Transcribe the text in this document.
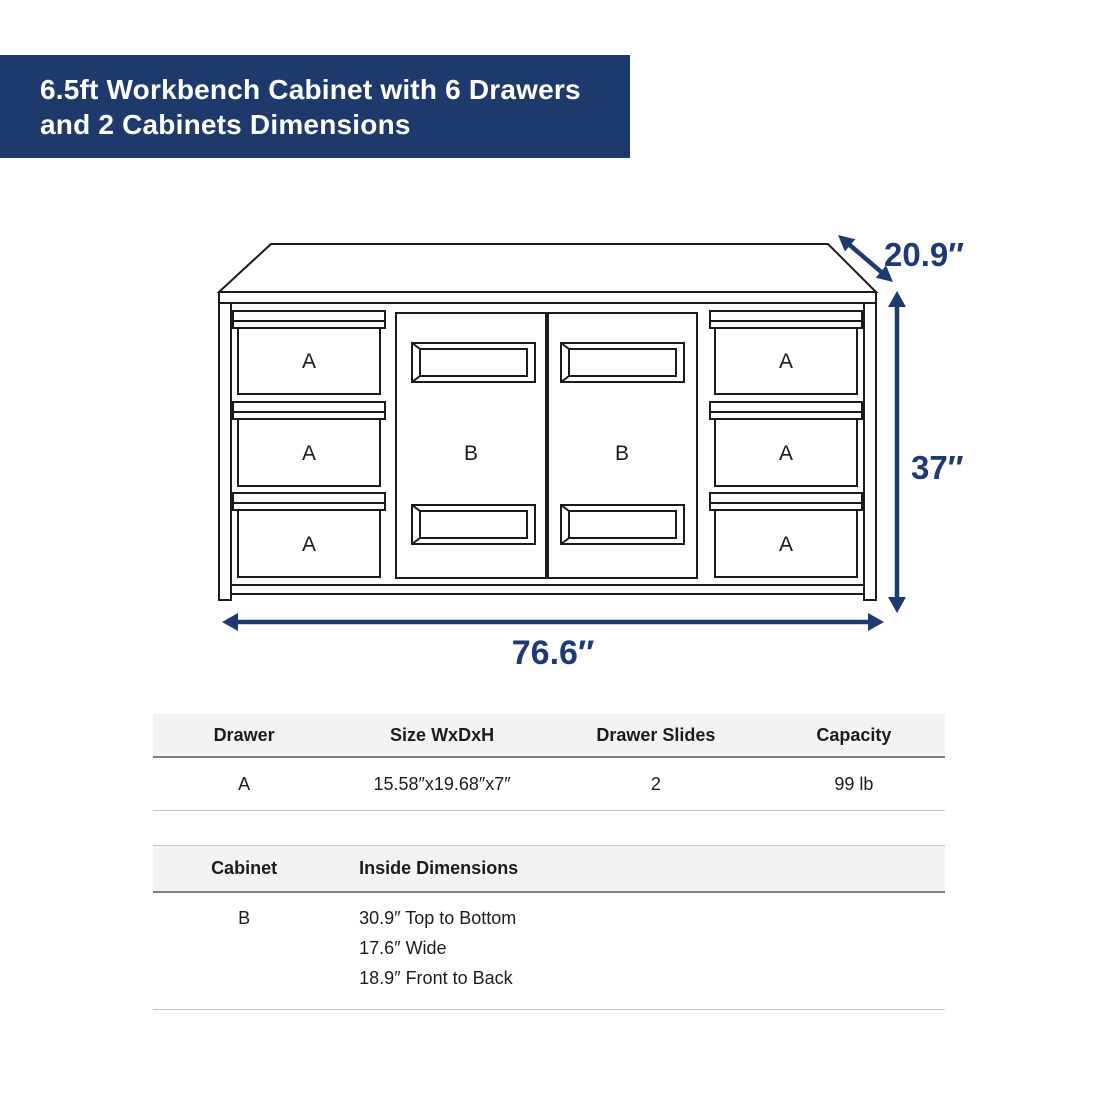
6.5ft Workbench Cabinet with 6 Drawers
and 2 Cabinets Dimensions
A
A
A
A
A
A
B	B
20.9″
37″
76.6″
Drawer	Size WxDxH	Drawer Slides	Capacity
A	15.58″x19.68″x7″	2	99 lb
Cabinet	Inside Dimensions
B	30.9″ Top to Bottom
17.6″ Wide
18.9″ Front to Back
